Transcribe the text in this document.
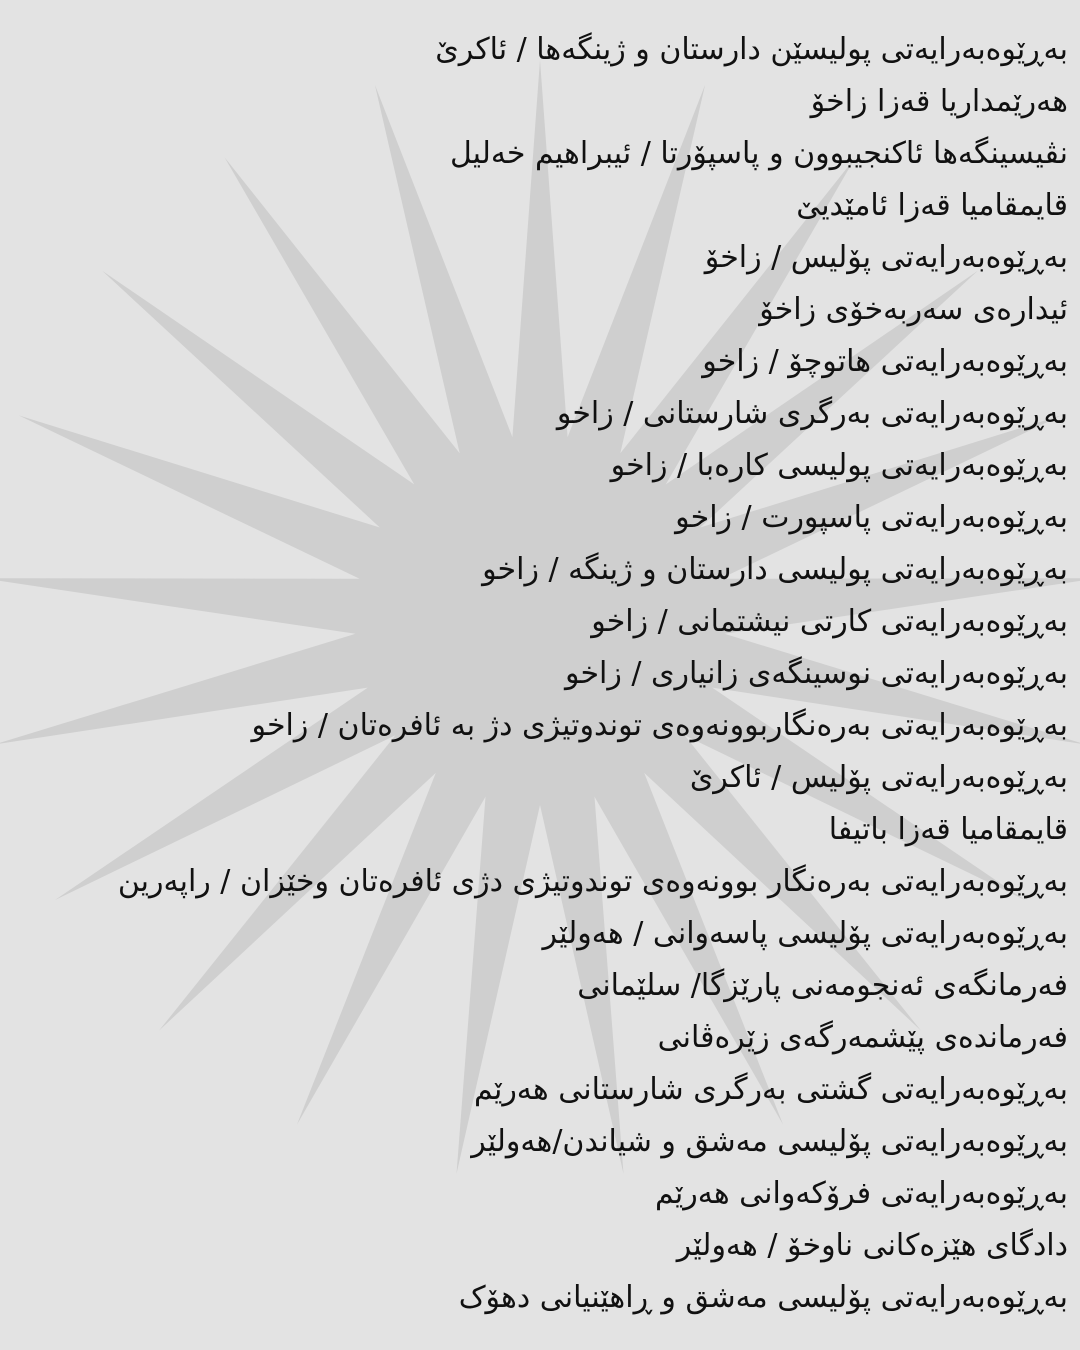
بەڕێوەبەرایەتی پولیسێن دارستان و ژینگەها / ئاکرێ
هەرێمداریا قەزا زاخۆ
نڤیسینگەها ئاکنجیبوون و پاسپۆرتا / ئیبراهیم خەلیل
قایمقامیا قەزا ئامێدیێ
بەڕێوەبەرایەتی پۆلیس / زاخۆ
ئیدارەی سەربەخۆی زاخۆ
بەڕێوەبەرایەتی هاتوچۆ / زاخو
بەڕێوەبەرایەتی بەرگری شارستانی / زاخو
بەڕێوەبەرایەتی پولیسی کارەبا / زاخو
بەڕێوەبەرایەتی پاسپورت / زاخو
بەڕێوەبەرایەتی پولیسی دارستان و ژینگە / زاخو
بەڕێوەبەرایەتی کارتی نیشتمانی / زاخو
بەڕێوەبەرایەتی نوسینگەی زانیاری / زاخو
بەڕێوەبەرایەتی بەرەنگاربوونەوەی توندوتیژی دژ بە ئافرەتان / زاخو
بەڕێوەبەرایەتی پۆلیس / ئاکرێ
قایمقامیا قەزا باتیفا
بەڕێوەبەرایەتی بەرەنگار بوونەوەی توندوتیژی دژی ئافرەتان وخێزان / راپەرین
بەڕێوەبەرایەتی پۆلیسی پاسەوانی / هەولێر
فەرمانگەی ئەنجومەنی پارێزگا/ سلێمانی
فەرماندەی پێشمەرگەی زێرەڤانی
بەڕێوەبەرایەتی گشتی بەرگری شارستانی هەرێم
بەڕێوەبەرایەتی پۆلیسی مەشق و شیاندن/هەولێر
بەڕێوەبەرایەتی فرۆکەوانی هەرێم
دادگای هێزەکانی ناوخۆ / هەولێر
بەڕێوەبەرایەتی پۆلیسی مەشق و ڕاهێنیانی دهۆک
